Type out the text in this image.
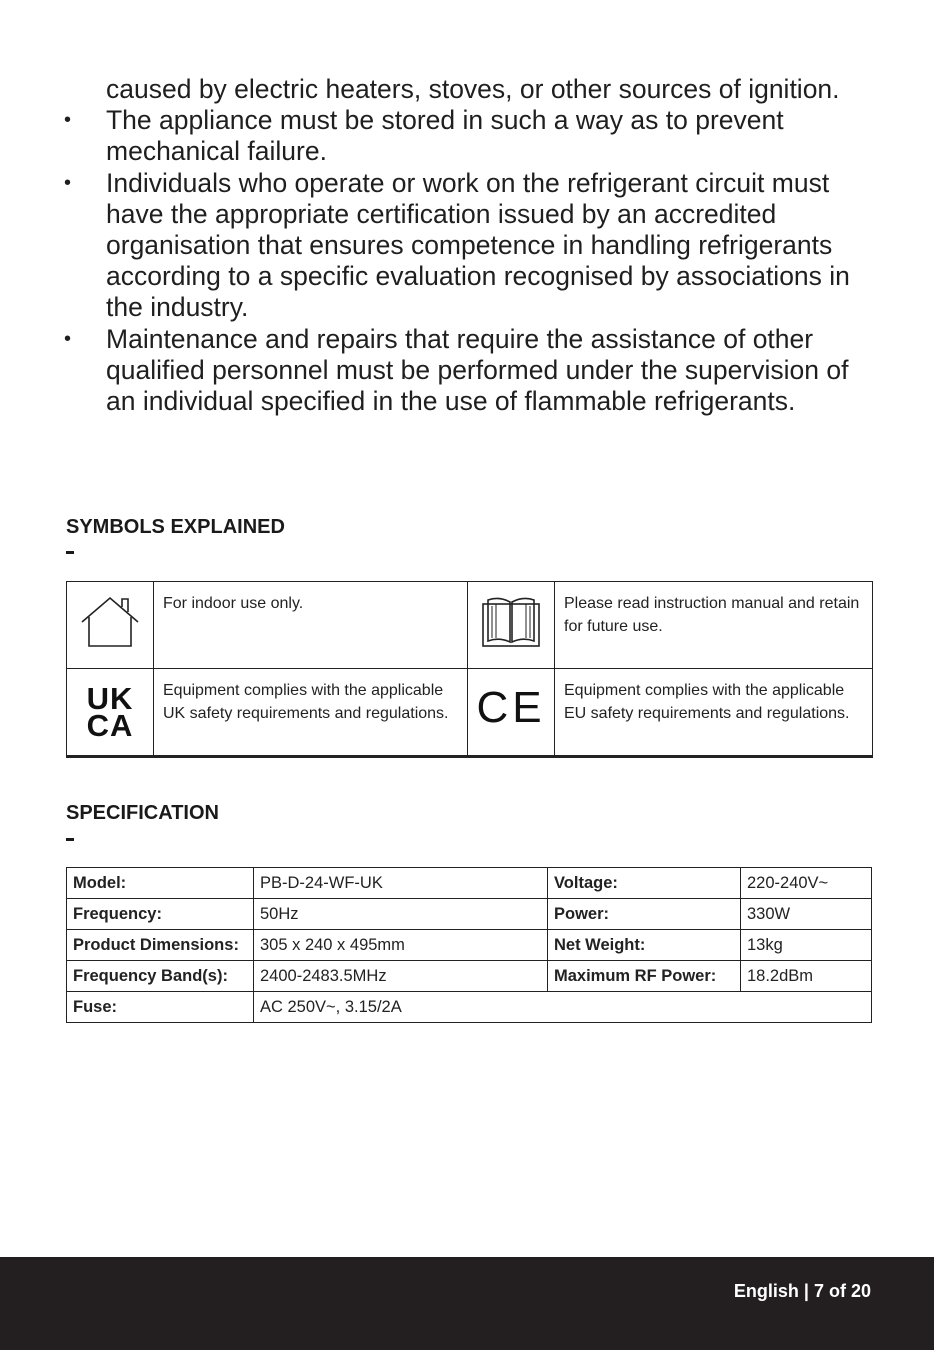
caused by electric heaters, stoves, or other sources of ignition.
• The appliance must be stored in such a way as to prevent mechanical failure.
• Individuals who operate or work on the refrigerant circuit must have the appropriate certification issued by an accredited organisation that ensures competence in handling refrigerants according to a specific evaluation recognised by associations in the industry.
• Maintenance and repairs that require the assistance of other qualified personnel must be performed under the supervision of an individual specified in the use of flammable refrigerants.
SYMBOLS EXPLAINED
	For indoor use only.		Please read instruction manual and retain for future use.

UK
CA	Equipment complies with the applicable UK safety requirements and regulations.	CE	Equipment complies with the applicable EU safety requirements and regulations.
SPECIFICATION
Model:	PB-D-24-WF-UK	Voltage:	220-240V~
Frequency:	50Hz	Power:	330W
Product Dimensions:	305 x 240 x 495mm	Net Weight:	13kg
Frequency Band(s):	2400-2483.5MHz	Maximum RF Power:	18.2dBm
Fuse:	AC 250V~, 3.15/2A		
English | 7 of 20
